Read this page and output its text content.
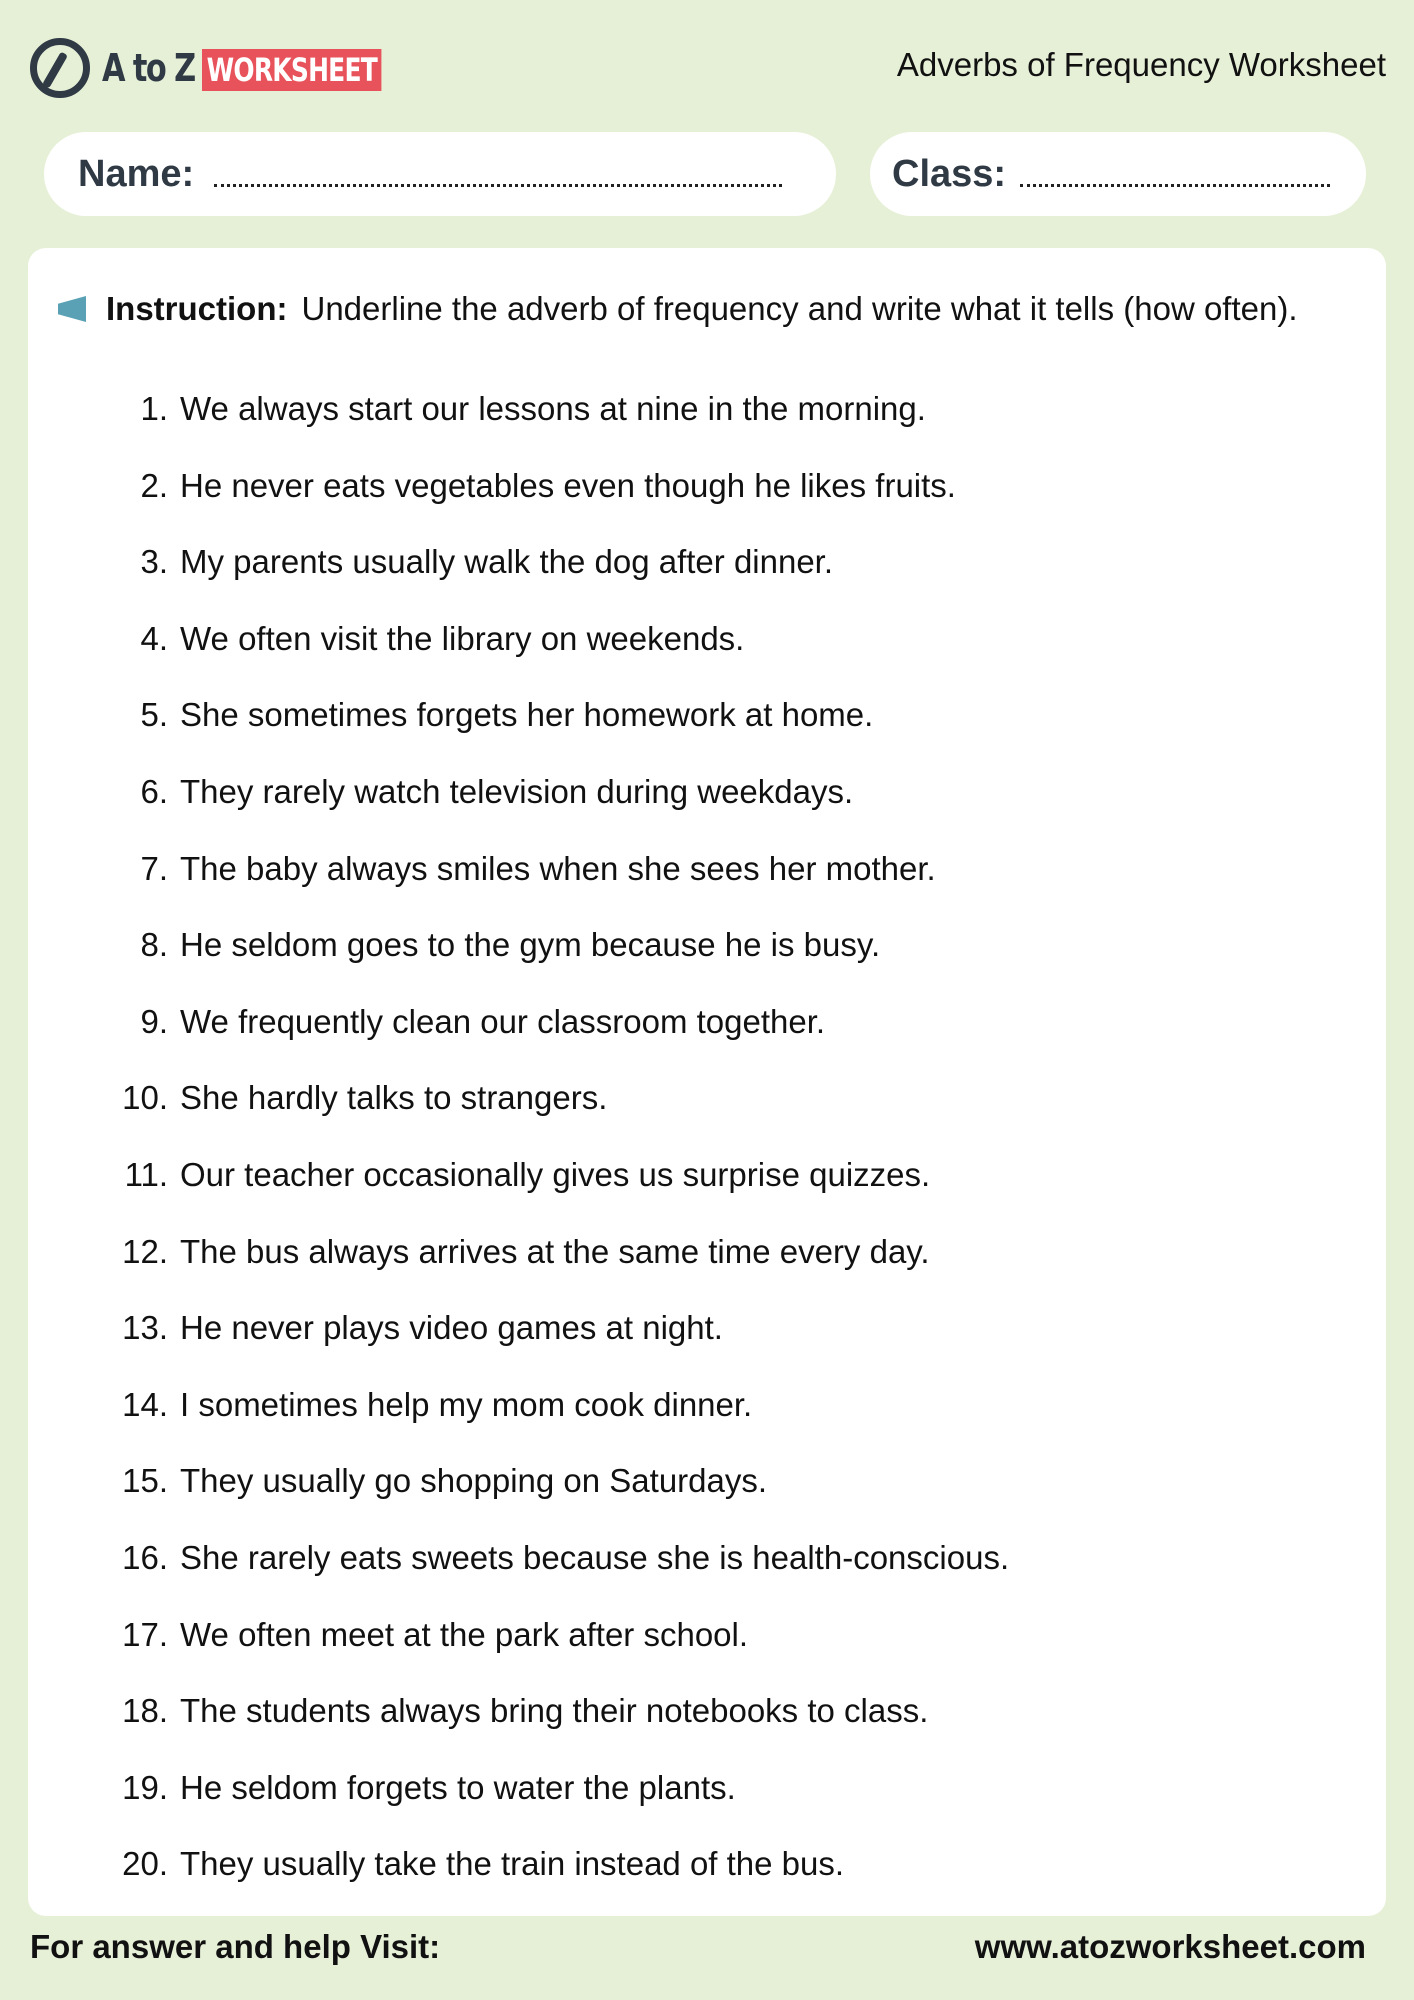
A to Z WORKSHEET	Adverbs of Frequency Worksheet
Name:	Class:
Instruction: Underline the adverb of frequency and write what it tells (how often).
1. We always start our lessons at nine in the morning.
2. He never eats vegetables even though he likes fruits.
3. My parents usually walk the dog after dinner.
4. We often visit the library on weekends.
5. She sometimes forgets her homework at home.
6. They rarely watch television during weekdays.
7. The baby always smiles when she sees her mother.
8. He seldom goes to the gym because he is busy.
9. We frequently clean our classroom together.
10. She hardly talks to strangers.
11. Our teacher occasionally gives us surprise quizzes.
12. The bus always arrives at the same time every day.
13. He never plays video games at night.
14. I sometimes help my mom cook dinner.
15. They usually go shopping on Saturdays.
16. She rarely eats sweets because she is health-conscious.
17. We often meet at the park after school.
18. The students always bring their notebooks to class.
19. He seldom forgets to water the plants.
20. They usually take the train instead of the bus.
For answer and help Visit:	www.atozworksheet.com
